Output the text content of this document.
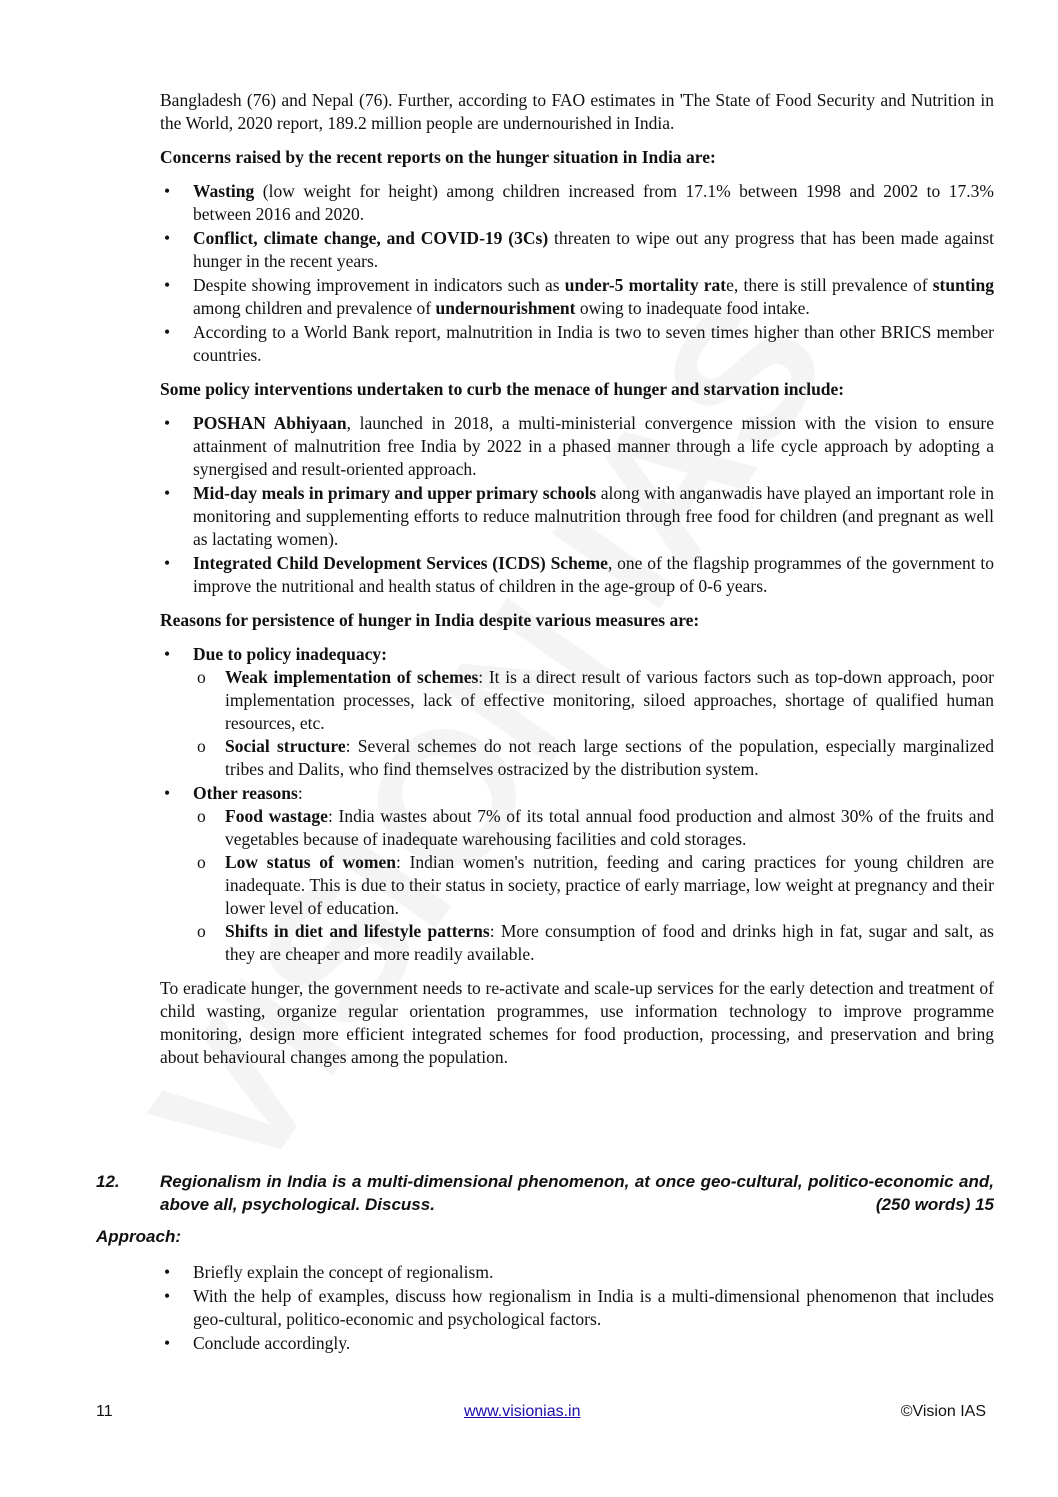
Bangladesh (76) and Nepal (76). Further, according to FAO estimates in 'The State of Food Security and Nutrition in the World, 2020 report, 189.2 million people are undernourished in India.

Concerns raised by the recent reports on the hunger situation in India are:
• Wasting (low weight for height) among children increased from 17.1% between 1998 and 2002 to 17.3% between 2016 and 2020.
• Conflict, climate change, and COVID-19 (3Cs) threaten to wipe out any progress that has been made against hunger in the recent years.
• Despite showing improvement in indicators such as under-5 mortality rate, there is still prevalence of stunting among children and prevalence of undernourishment owing to inadequate food intake.
• According to a World Bank report, malnutrition in India is two to seven times higher than other BRICS member countries.
Some policy interventions undertaken to curb the menace of hunger and starvation include:
• POSHAN Abhiyaan, launched in 2018, a multi-ministerial convergence mission with the vision to ensure attainment of malnutrition free India by 2022 in a phased manner through a life cycle approach by adopting a synergised and result-oriented approach.
• Mid-day meals in primary and upper primary schools along with anganwadis have played an important role in monitoring and supplementing efforts to reduce malnutrition through free food for children (and pregnant as well as lactating women).
• Integrated Child Development Services (ICDS) Scheme, one of the flagship programmes of the government to improve the nutritional and health status of children in the age-group of 0-6 years.
Reasons for persistence of hunger in India despite various measures are:
• Due to policy inadequacy:
o Weak implementation of schemes: It is a direct result of various factors such as top-down approach, poor implementation processes, lack of effective monitoring, siloed approaches, shortage of qualified human resources, etc.
o Social structure: Several schemes do not reach large sections of the population, especially marginalized tribes and Dalits, who find themselves ostracized by the distribution system.
• Other reasons:
o Food wastage: India wastes about 7% of its total annual food production and almost 30% of the fruits and vegetables because of inadequate warehousing facilities and cold storages.
o Low status of women: Indian women's nutrition, feeding and caring practices for young children are inadequate. This is due to their status in society, practice of early marriage, low weight at pregnancy and their lower level of education.
o Shifts in diet and lifestyle patterns: More consumption of food and drinks high in fat, sugar and salt, as they are cheaper and more readily available.

To eradicate hunger, the government needs to re-activate and scale-up services for the early detection and treatment of child wasting, organize regular orientation programmes, use information technology to improve programme monitoring, design more efficient integrated schemes for food production, processing, and preservation and bring about behavioural changes among the population.

12. Regionalism in India is a multi-dimensional phenomenon, at once geo-cultural, politico-economic and, above all, psychological. Discuss.	(250 words) 15
Approach:
• Briefly explain the concept of regionalism.
• With the help of examples, discuss how regionalism in India is a multi-dimensional phenomenon that includes geo-cultural, politico-economic and psychological factors.
• Conclude accordingly.
11	www.visionias.in	©Vision IAS
